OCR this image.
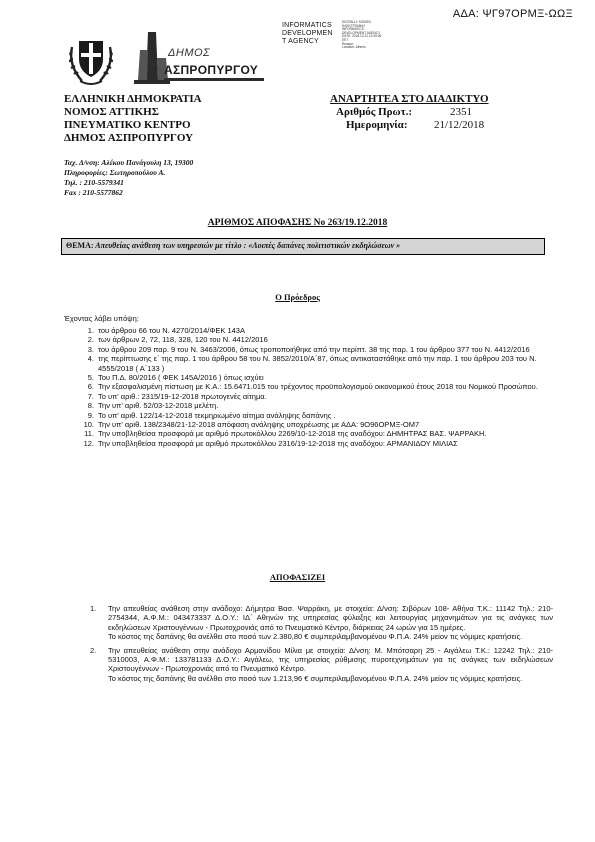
ΑΔΑ: ΨΓ97ΟΡΜΞ-ΩΩΞ
INFORMATICS
DEVELOPMEN
T AGENCY
DIGITALLY SIGNED
ΗΛΕΚΤΡΟΝΙΚΗ
INFORMATICS
DEVELOPMENT AGENCY
DATE: 2018.12.21 12:30:06
EET
Reason:
Location: Athens
ΔΗΜΟΣ
ΑΣΠΡΟΠΥΡΓΟΥ
ΕΛΛΗΝΙΚΗ ΔΗΜΟΚΡΑΤΙΑ
ΝΟΜΟΣ ΑΤΤΙΚΗΣ
ΠΝΕΥΜΑΤΙΚΟ ΚΕΝΤΡΟ
ΔΗΜΟΣ ΑΣΠΡΟΠΥΡΓΟΥ
ΑΝΑΡΤΗΤΕΑ ΣΤΟ ΔΙΑΔΙΚΤΥΟ
Αριθμός Πρωτ.:	2351
Ημερομηνία: 21/12/2018
Ταχ. Δ/νση: Αλέκου Πανάγουλη 13, 19300
Πληροφορίες: Σωτηροπούλου Α.
Τηλ. : 210-5579341
Fax : 210-5577862
ΑΡΙΘΜΟΣ ΑΠΟΦΑΣΗΣ Νο 263/19.12.2018
ΘΕΜΑ: Απευθείας ανάθεση των υπηρεσιών με τίτλο : «Λοιπές δαπάνες πολιτιστικών εκδηλώσεων »
Ο Πρόεδρος
Έχοντας λάβει υπόψη:
1. του άρθρου 66 του Ν. 4270/2014/ΦΕΚ 143Α
2. των άρθρων 2, 72, 118, 328, 120 του Ν. 4412/2016
3. του άρθρου 209 παρ. 9 του Ν. 3463/2006, όπως τροποποιήθηκε από την περίπτ. 38 της παρ. 1 του άρθρου 377 του Ν. 4412/2016
4. της περίπτωσης ε΄ της παρ. 1 του άρθρου 58 του Ν. 3852/2010/Α΄87, όπως αντικαταστάθηκε από την παρ. 1 του άρθρου 203 του Ν. 4555/2018 ( Α΄133 )
5. Του Π.Δ. 80/2016 ( ΦΕΚ 145Α/2016 ) όπως ισχύει
6. Την εξασφαλισμένη πίστωση με Κ.Α.: 15.6471.015 του τρέχοντος προϋπολογισμού οικονομικού έτους 2018 του Νομικού Προσώπου.
7. Το υπ' αριθ.: 2315/19-12-2018 πρωτογενές αίτημα.
8. Την υπ' αριθ. 52/03-12-2018 μελέτη.
9. Το υπ' αριθ. 122/14-12-2018 τεκμηριωμένο αίτημα ανάληψης δαπάνης .
10. Την υπ' αριθ. 138/2348/21-12-2018 απόφαση ανάληψης υποχρέωσης με ΑΔΑ: 9Ο96ΟΡΜΞ-ΟΜ7
11. Την υποβληθείσα προσφορά με αριθμό πρωτοκόλλου 2269/10-12-2018 της αναδόχου: ΔΗΜΗΤΡΑΣ ΒΑΣ. ΨΑΡΡΑΚΗ.
12. Την υποβληθείσα προσφορά με αριθμό πρωτοκόλλου 2316/19-12-2018 της αναδόχου: ΑΡΜΑΝΙΔΟΥ ΜΙΛΙΑΣ
ΑΠΟΦΑΣΙΖΕΙ
1. Την απευθείας ανάθεση στην ανάδοχο: Δήμητρα Βασ. Ψαρράκη, με στοιχεία: Δ/νση: Σιβόρων 108- Αθήνα Τ.Κ.: 11142 Τηλ.: 210-2754344, Α.Φ.Μ.: 043473337 Δ.Ο.Υ.: ΙΔ΄ Αθηνών της υπηρεσίας φύλαξης και λειτουργίας μηχανημάτων για τις ανάγκες των εκδηλώσεων Χριστουγέννων - Πρωτοχρονιάς από το Πνευματικό Κέντρο, διάρκειας 24 ωρών για 15 ημέρες.
Το κόστος της δαπάνης θα ανέλθει στο ποσό των 2.380,80 € συμπεριλαμβανομένου Φ.Π.Α. 24% μείον τις νόμιμες κρατήσεις.
2. Την απευθείας ανάθεση στην ανάδοχο Αρμανίδου Μίλια με στοιχεία: Δ/νση: Μ. Μπότσαρη 25 - Αιγάλεω Τ.Κ.: 12242 Τηλ.: 210-5310003, Α.Φ.Μ.: 133781133 Δ.Ο.Υ.: Αιγάλεω, της υπηρεσίας ρύθμισης πυροτεχνημάτων για τις ανάγκες των εκδηλώσεων Χριστουγέννων - Πρωτοχρονιάς από το Πνευματικό Κέντρο.
Το κόστος της δαπάνης θα ανέλθει στο ποσό των 1.213,96 € συμπεριλαμβανομένου Φ.Π.Α. 24% μείον τις νόμιμες κρατήσεις.
